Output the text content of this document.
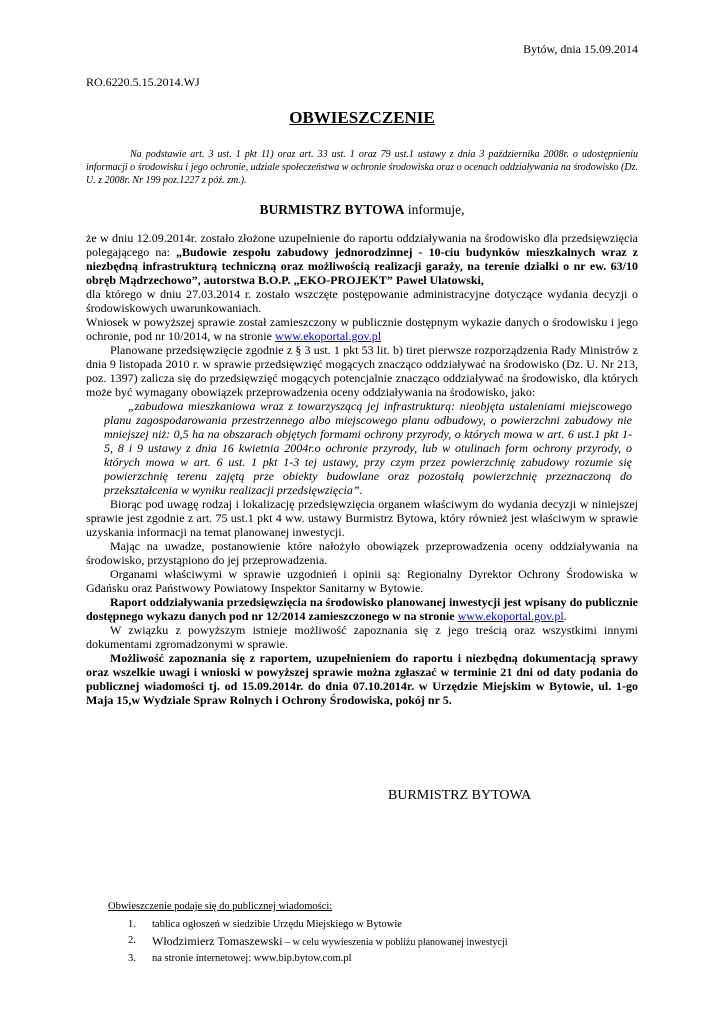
Bytów, dnia 15.09.2014
RO.6220.5.15.2014.WJ
OBWIESZCZENIE
Na podstawie art. 3 ust. 1 pkt 11) oraz art. 33 ust. 1 oraz 79 ust.1 ustawy z dnia 3 października 2008r. o udostępnieniu informacji o środowisku i jego ochronie, udziale społeczeństwa w ochronie środowiska oraz o ocenach oddziaływania na środowisko (Dz. U. z 2008r. Nr 199 poz.1227 z póź. zm.).
BURMISTRZ BYTOWA informuje,

że w dniu 12.09.2014r. zostało złożone uzupełnienie do raportu oddziaływania na środowisko dla przedsięwzięcia polegającego na: „Budowie zespołu zabudowy jednorodzinnej - 10-ciu budynków mieszkalnych wraz z niezbędną infrastrukturą techniczną oraz możliwością realizacji garaży, na terenie działki o nr ew. 63/10 obręb Mądrzechowo”, autorstwa B.O.P. „EKO-PROJEKT” Paweł Ulatowski,
dla którego w dniu 27.03.2014 r. zostało wszczęte postępowanie administracyjne dotyczące wydania decyzji o środowiskowych uwarunkowaniach.

Wniosek w powyższej sprawie został zamieszczony w publicznie dostępnym wykazie danych o środowisku i jego ochronie, pod nr 10/2014, w na stronie www.ekoportal.gov.pl

Planowane przedsięwzięcie zgodnie z § 3 ust. 1 pkt 53 lit. b) tiret pierwsze rozporządzenia Rady Ministrów z dnia 9 listopada 2010 r. w sprawie przedsięwzięć mogących znacząco oddziaływać na środowisko (Dz. U. Nr 213, poz. 1397) zalicza się do przedsięwzięć mogących potencjalnie znacząco oddziaływać na środowisko, dla których może być wymagany obowiązek przeprowadzenia oceny oddziaływania na środowisko, jako:

„zabudowa mieszkaniowa wraz z towarzyszącą jej infrastrukturą: nieobjęta ustaleniami miejscowego planu zagospodarowania przestrzennego albo miejscowego planu odbudowy, o powierzchni zabudowy nie mniejszej niż: 0,5 ha na obszarach objętych formami ochrony przyrody, o których mowa w art. 6 ust.1 pkt 1-5, 8 i 9 ustawy z dnia 16 kwietnia 2004r.o ochronie przyrody, lub w otulinach form ochrony przyrody, o których mowa w art. 6 ust. 1 pkt 1-3 tej ustawy, przy czym przez powierzchnię zabudowy rozumie się powierzchnię terenu zajętą prze obiekty budowlane oraz pozostałą powierzchnię przeznaczoną do przekształcenia w wyniku realizacji przedsięwzięcia”.

Biorąc pod uwagę rodzaj i lokalizację przedsięwzięcia organem właściwym do wydania decyzji w niniejszej sprawie jest zgodnie z art. 75 ust.1 pkt 4 ww. ustawy Burmistrz Bytowa, który również jest właściwym w sprawie uzyskania informacji na temat planowanej inwestycji.

Mając na uwadze, postanowienie które nałożyło obowiązek przeprowadzenia oceny oddziaływania na środowisko, przystąpiono do jej przeprowadzenia.

Organami właściwymi w sprawie uzgodnień i opinii są: Regionalny Dyrektor Ochrony Środowiska w Gdańsku oraz Państwowy Powiatowy Inspektor Sanitarny w Bytowie.

Raport oddziaływania przedsięwzięcia na środowisko planowanej inwestycji jest wpisany do publicznie dostępnego wykazu danych pod nr 12/2014 zamieszczonego w na stronie www.ekoportal.gov.pl.

W związku z powyższym istnieje możliwość zapoznania się z jego treścią oraz wszystkimi innymi dokumentami zgromadzonymi w sprawie.

Możliwość zapoznania się z raportem, uzupełnieniem do raportu i niezbędną dokumentacją sprawy oraz wszelkie uwagi i wnioski w powyższej sprawie można zgłaszać w terminie 21 dni od daty podania do publicznej wiadomości tj. od 15.09.2014r. do dnia 07.10.2014r. w Urzędzie Miejskim w Bytowie, ul. 1-go Maja 15,w Wydziale Spraw Rolnych i Ochrony Środowiska, pokój nr 5.

BURMISTRZ BYTOWA
Obwieszczenie podaje się do publicznej wiadomości:
1.	tablica ogłoszeń w siedzibie Urzędu Miejskiego w Bytowie
2.	Włodzimierz Tomaszewski – w celu wywieszenia w pobliżu planowanej inwestycji
3.	na stronie internetowej: www.bip.bytow.com.pl
